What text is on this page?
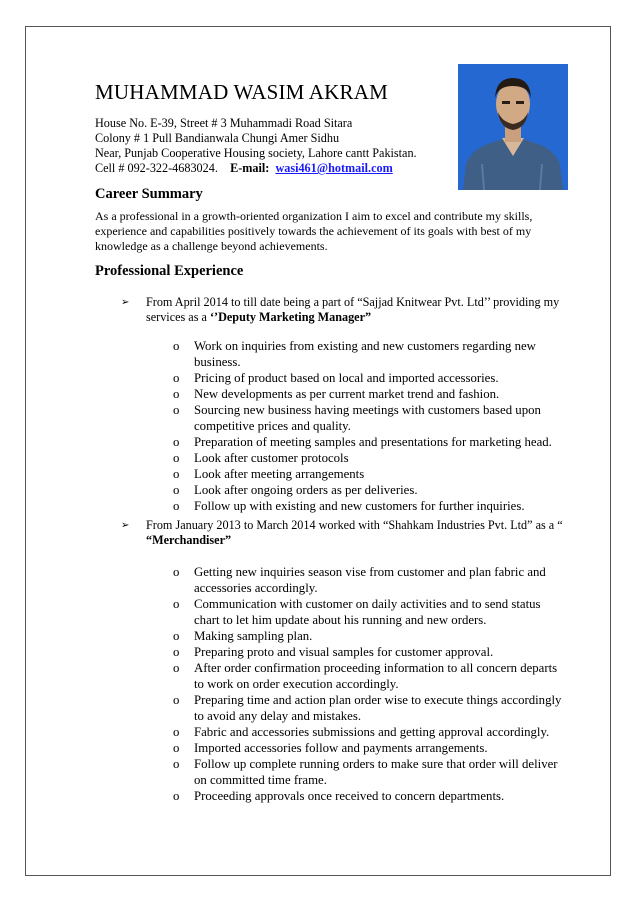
MUHAMMAD WASIM AKRAM
House No. E-39, Street # 3 Muhammadi Road Sitara
Colony # 1 Pull Bandianwala Chungi Amer Sidhu
Near, Punjab Cooperative Housing society, Lahore cantt Pakistan.
Cell # 092-322-4683024. E-mail: wasi461@hotmail.com
Career Summary
As a professional in a growth-oriented organization I aim to excel and contribute my skills, experience and capabilities positively towards the achievement of its goals with best of my knowledge as a challenge beyond achievements.
Professional Experience
➢ From April 2014 to till date being a part of “Sajjad Knitwear Pvt. Ltd’’ providing my services as a ‘’Deputy Marketing Manager”
o Work on inquiries from existing and new customers regarding new business.
o Pricing of product based on local and imported accessories.
o New developments as per current market trend and fashion.
o Sourcing new business having meetings with customers based upon competitive prices and quality.
o Preparation of meeting samples and presentations for marketing head.
o Look after customer protocols
o Look after meeting arrangements
o Look after ongoing orders as per deliveries.
o Follow up with existing and new customers for further inquiries.
➢ From January 2013 to March 2014 worked with “Shahkam Industries Pvt. Ltd” as a “ “Merchandiser”
o Getting new inquiries season vise from customer and plan fabric and accessories accordingly.
o Communication with customer on daily activities and to send status chart to let him update about his running and new orders.
o Making sampling plan.
o Preparing proto and visual samples for customer approval.
o After order confirmation proceeding information to all concern departs to work on order execution accordingly.
o Preparing time and action plan order wise to execute things accordingly to avoid any delay and mistakes.
o Fabric and accessories submissions and getting approval accordingly.
o Imported accessories follow and payments arrangements.
o Follow up complete running orders to make sure that order will deliver on committed time frame.
o Proceeding approvals once received to concern departments.
